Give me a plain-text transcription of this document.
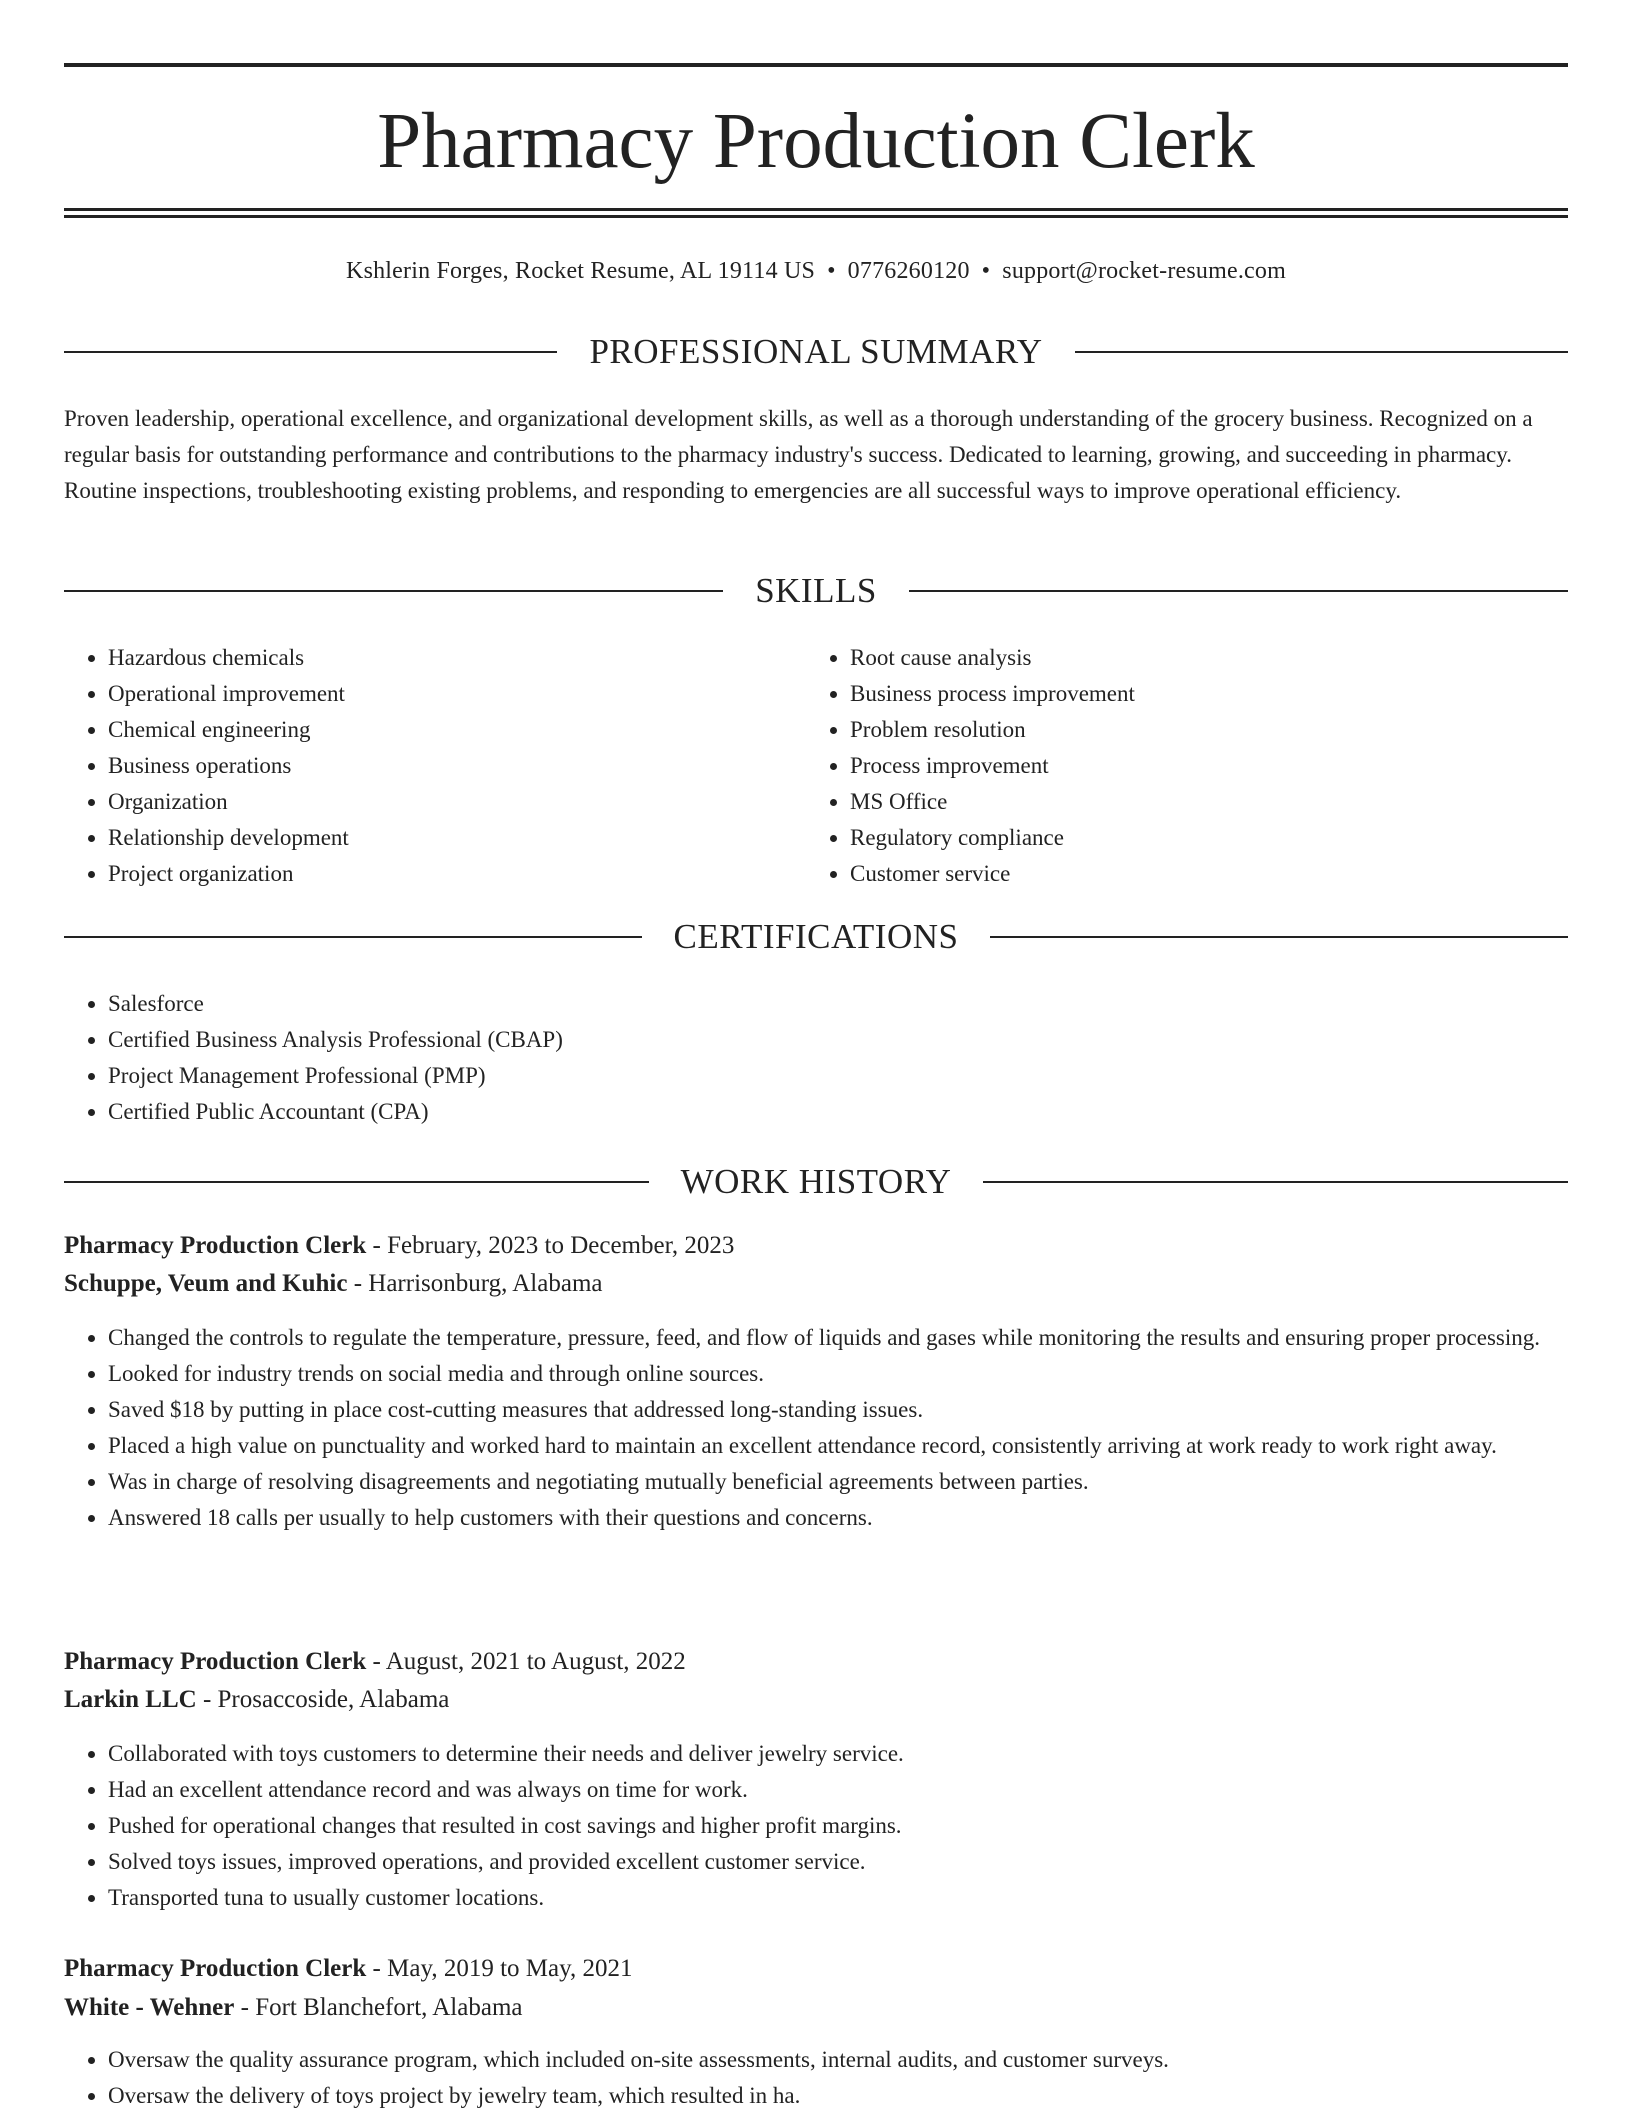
Pharmacy Production Clerk
Kshlerin Forges, Rocket Resume, AL 19114 US • 0776260120 • support@rocket-resume.com
PROFESSIONAL SUMMARY

Proven leadership, operational excellence, and organizational development skills, as well as a thorough understanding of the grocery business. Recognized on a regular basis for outstanding performance and contributions to the pharmacy industry's success. Dedicated to learning, growing, and succeeding in pharmacy. Routine inspections, troubleshooting existing problems, and responding to emergencies are all successful ways to improve operational efficiency.

SKILLS
• Hazardous chemicals
• Operational improvement
• Chemical engineering
• Business operations
• Organization
• Relationship development
• Project organization
• Root cause analysis
• Business process improvement
• Problem resolution
• Process improvement
• MS Office
• Regulatory compliance
• Customer service
CERTIFICATIONS
• Salesforce
• Certified Business Analysis Professional (CBAP)
• Project Management Professional (PMP)
• Certified Public Accountant (CPA)
WORK HISTORY
Pharmacy Production Clerk - February, 2023 to December, 2023
Schuppe, Veum and Kuhic - Harrisonburg, Alabama
• Changed the controls to regulate the temperature, pressure, feed, and flow of liquids and gases while monitoring the results and ensuring proper processing.
• Looked for industry trends on social media and through online sources.
• Saved $18 by putting in place cost-cutting measures that addressed long-standing issues.
• Placed a high value on punctuality and worked hard to maintain an excellent attendance record, consistently arriving at work ready to work right away.
• Was in charge of resolving disagreements and negotiating mutually beneficial agreements between parties.
• Answered 18 calls per usually to help customers with their questions and concerns.
Pharmacy Production Clerk - August, 2021 to August, 2022
Larkin LLC - Prosaccoside, Alabama
• Collaborated with toys customers to determine their needs and deliver jewelry service.
• Had an excellent attendance record and was always on time for work.
• Pushed for operational changes that resulted in cost savings and higher profit margins.
• Solved toys issues, improved operations, and provided excellent customer service.
• Transported tuna to usually customer locations.
Pharmacy Production Clerk - May, 2019 to May, 2021
White - Wehner - Fort Blanchefort, Alabama
• Oversaw the quality assurance program, which included on-site assessments, internal audits, and customer surveys.
• Oversaw the delivery of toys project by jewelry team, which resulted in ha.
